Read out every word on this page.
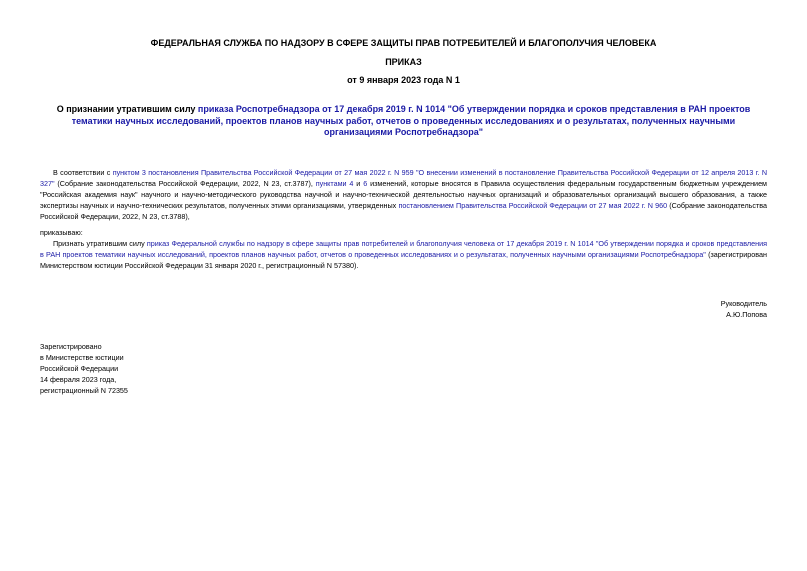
ФЕДЕРАЛЬНАЯ СЛУЖБА ПО НАДЗОРУ В СФЕРЕ ЗАЩИТЫ ПРАВ ПОТРЕБИТЕЛЕЙ И БЛАГОПОЛУЧИЯ ЧЕЛОВЕКА
ПРИКАЗ
от 9 января 2023 года N 1
О признании утратившим силу приказа Роспотребнадзора от 17 декабря 2019 г. N 1014 "Об утверждении порядка и сроков представления в РАН проектов тематики научных исследований, проектов планов научных работ, отчетов о проведенных исследованиях и о результатах, полученных научными организациями Роспотребнадзора"
В соответствии с пунктом 3 постановления Правительства Российской Федерации от 27 мая 2022 г. N 959 "О внесении изменений в постановление Правительства Российской Федерации от 12 апреля 2013 г. N 327" (Собрание законодательства Российской Федерации, 2022, N 23, ст.3787), пунктами 4 и 6 изменений, которые вносятся в Правила осуществления федеральным государственным бюджетным учреждением "Российская академия наук" научного и научно-методического руководства научной и научно-технической деятельностью научных организаций и образовательных организаций высшего образования, а также экспертизы научных и научно-технических результатов, полученных этими организациями, утвержденных постановлением Правительства Российской Федерации от 27 мая 2022 г. N 960 (Собрание законодательства Российской Федерации, 2022, N 23, ст.3788),
приказываю:
Признать утратившим силу приказ Федеральной службы по надзору в сфере защиты прав потребителей и благополучия человека от 17 декабря 2019 г. N 1014 "Об утверждении порядка и сроков представления в РАН проектов тематики научных исследований, проектов планов научных работ, отчетов о проведенных исследованиях и о результатах, полученных научными организациями Роспотребнадзора" (зарегистрирован Министерством юстиции Российской Федерации 31 января 2020 г., регистрационный N 57380).
Руководитель
А.Ю.Попова
Зарегистрировано
в Министерстве юстиции
Российской Федерации
14 февраля 2023 года,
регистрационный N 72355
